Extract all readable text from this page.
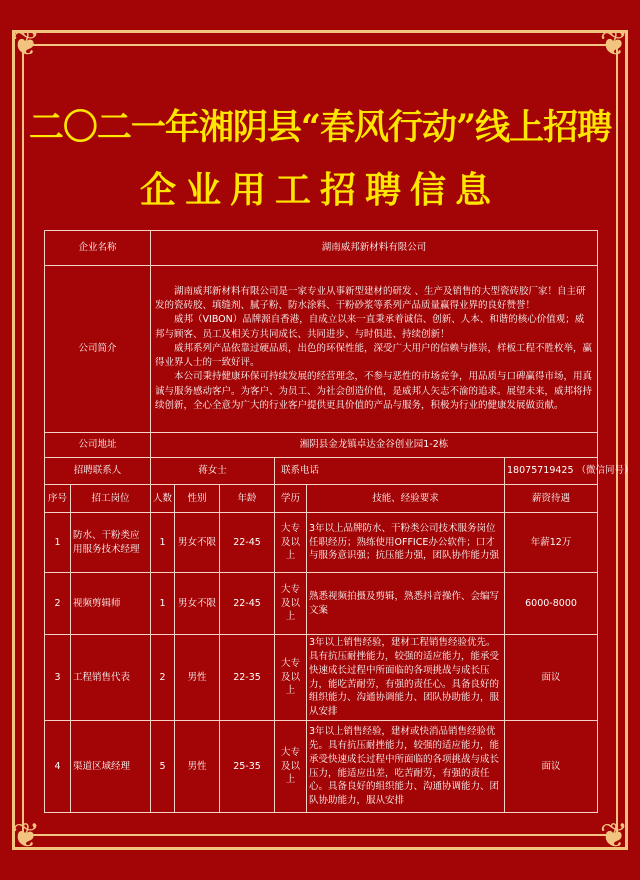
❦	❦
❦	❦
二〇二一年湘阴县“春风行动”线上招聘
企业用工招聘信息
企业名称		湖南威邦新材料有限公司					
公司简介		湖南威邦新材料有限公司是一家专业从事新型建材的研发 、生产及销售的大型瓷砖胶厂家！自主研发的瓷砖胶、填缝剂、腻子粉、防水涂料、干粉砂浆等系列产品质量赢得业界的良好赞誉！

威邦（VIBON）品牌源自香港，自成立以来一直秉承着诚信、创新、人本、和谐的核心价值观；威邦与顾客、员工及相关方共同成长、共同进步、与时俱进、持续创新！

威邦系列产品依靠过硬品质，出色的环保性能，深受广大用户的信赖与推崇，样板工程不胜枚举，赢得业界人士的一致好评。

本公司秉持健康环保可持续发展的经营理念，不参与恶性的市场竞争，用品质与口碑赢得市场，用真诚与服务感动客户。为客户、为员工、为社会创造价值，是威邦人矢志不渝的追求。展望未来，威邦将持续创新，全心全意为广大的行业客户提供更具价值的产品与服务，积极为行业的健康发展做贡献。					

公司地址		湘阴县金龙镇卓达金谷创业园1-2栋					
招聘联系人		蒋女士			联系电话		18075719425 （微信同号）
序号	招工岗位	人数	性别	年龄	学历	技能、经验要求	薪资待遇
1	防水、干粉类应用服务技术经理	1	男女不限	22-45	大专及以 上	3年以上品牌防水、干粉类公司技术服务岗位任职经历；熟练使用OFFICE办公软件；口才与服务意识强；抗压能力强，团队协作能力强	年薪12万
2	视频剪辑师	1	男女不限	22-45	大专及以 上	熟悉视频拍摄及剪辑，熟悉抖音操作、会编写文案	6000-8000
3	工程销售代表	2	男性	22-35	大专及以 上	3年以上销售经验，建材工程销售经验优先。具有抗压耐挫能力，较强的适应能力，能承受快速成长过程中所面临的各项挑战与成长压力，能吃苦耐劳，有强的责任心。具备良好的组织能力、沟通协调能力、团队协助能力，服从安排	面议
4	渠道区域经理	5	男性	25-35	大专及以 上	3年以上销售经验，建材或快消品销售经验优先。具有抗压耐挫能力，较强的适应能力，能承受快速成长过程中所面临的各项挑战与成长压力，能适应出差，吃苦耐劳，有强的责任心。具备良好的组织能力、沟通协调能力、团队协助能力，服从安排	面议
